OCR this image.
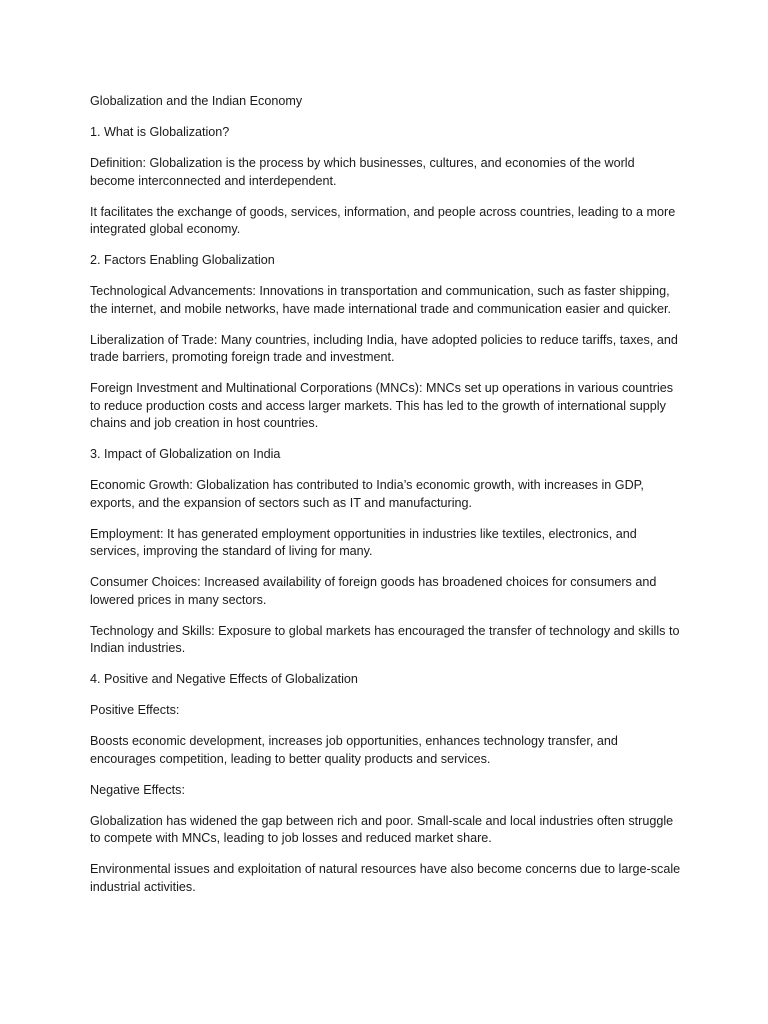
Globalization and the Indian Economy

1. What is Globalization?

Definition: Globalization is the process by which businesses, cultures, and economies of the world become interconnected and interdependent.

It facilitates the exchange of goods, services, information, and people across countries, leading to a more integrated global economy.

2. Factors Enabling Globalization

Technological Advancements: Innovations in transportation and communication, such as faster shipping, the internet, and mobile networks, have made international trade and communication easier and quicker.

Liberalization of Trade: Many countries, including India, have adopted policies to reduce tariffs, taxes, and trade barriers, promoting foreign trade and investment.

Foreign Investment and Multinational Corporations (MNCs): MNCs set up operations in various countries to reduce production costs and access larger markets. This has led to the growth of international supply chains and job creation in host countries.

3. Impact of Globalization on India

Economic Growth: Globalization has contributed to India’s economic growth, with increases in GDP, exports, and the expansion of sectors such as IT and manufacturing.

Employment: It has generated employment opportunities in industries like textiles, electronics, and services, improving the standard of living for many.

Consumer Choices: Increased availability of foreign goods has broadened choices for consumers and lowered prices in many sectors.

Technology and Skills: Exposure to global markets has encouraged the transfer of technology and skills to Indian industries.

4. Positive and Negative Effects of Globalization

Positive Effects:

Boosts economic development, increases job opportunities, enhances technology transfer, and encourages competition, leading to better quality products and services.

Negative Effects:

Globalization has widened the gap between rich and poor. Small-scale and local industries often struggle to compete with MNCs, leading to job losses and reduced market share.

Environmental issues and exploitation of natural resources have also become concerns due to large-scale industrial activities.
